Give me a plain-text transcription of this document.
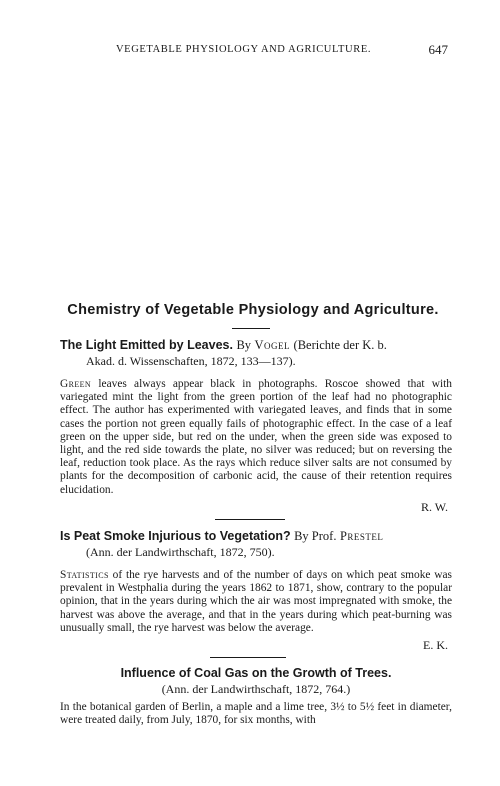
VEGETABLE PHYSIOLOGY AND AGRICULTURE.	647
Chemistry of Vegetable Physiology and Agriculture.
The Light Emitted by Leaves. By Vogel (Berichte der K. b.
Akad. d. Wissenschaften, 1872, 133—137).
Green leaves always appear black in photographs. Roscoe showed that with variegated mint the light from the green portion of the leaf had no photographic effect. The author has experimented with variegated leaves, and finds that in some cases the portion not green equally fails of photographic effect. In the case of a leaf green on the upper side, but red on the under, when the green side was exposed to light, and the red side towards the plate, no silver was reduced; but on reversing the leaf, reduction took place. As the rays which reduce silver salts are not consumed by plants for the decomposition of carbonic acid, the cause of their retention requires elucidation.
R. W.
Is Peat Smoke Injurious to Vegetation? By Prof. Prestel
(Ann. der Landwirthschaft, 1872, 750).
Statistics of the rye harvests and of the number of days on which peat smoke was prevalent in Westphalia during the years 1862 to 1871, show, contrary to the popular opinion, that in the years during which the air was most impregnated with smoke, the harvest was above the average, and that in the years during which peat-burning was unusually small, the rye harvest was below the average.
E. K.
Influence of Coal Gas on the Growth of Trees.
(Ann. der Landwirthschaft, 1872, 764.)
In the botanical garden of Berlin, a maple and a lime tree, 3½ to 5½ feet in diameter, were treated daily, from July, 1870, for six months, with
